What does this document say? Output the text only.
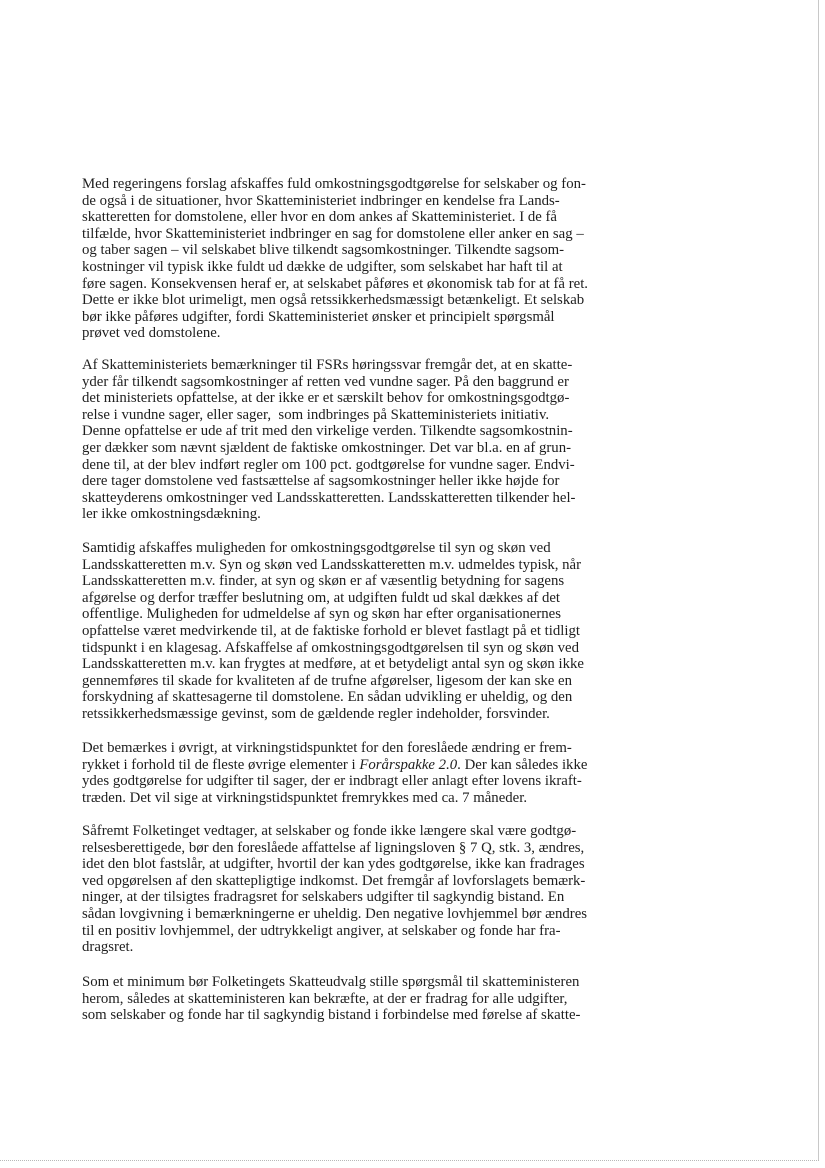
Med regeringens forslag afskaffes fuld omkostningsgodtgørelse for selskaber og fon-
de også i de situationer, hvor Skatteministeriet indbringer en kendelse fra Lands-
skatteretten for domstolene, eller hvor en dom ankes af Skatteministeriet. I de få
tilfælde, hvor Skatteministeriet indbringer en sag for domstolene eller anker en sag –
og taber sagen – vil selskabet blive tilkendt sagsomkostninger. Tilkendte sagsom-
kostninger vil typisk ikke fuldt ud dække de udgifter, som selskabet har haft til at
føre sagen. Konsekvensen heraf er, at selskabet påføres et økonomisk tab for at få ret.
Dette er ikke blot urimeligt, men også retssikkerhedsmæssigt betænkeligt. Et selskab
bør ikke påføres udgifter, fordi Skatteministeriet ønsker et principielt spørgsmål
prøvet ved domstolene.
Af Skatteministeriets bemærkninger til FSRs høringssvar fremgår det, at en skatte-
yder får tilkendt sagsomkostninger af retten ved vundne sager. På den baggrund er
det ministeriets opfattelse, at der ikke er et særskilt behov for omkostningsgodtgø-
relse i vundne sager, eller sager,  som indbringes på Skatteministeriets initiativ.
Denne opfattelse er ude af trit med den virkelige verden. Tilkendte sagsomkostnin-
ger dækker som nævnt sjældent de faktiske omkostninger. Det var bl.a. en af grun-
dene til, at der blev indført regler om 100 pct. godtgørelse for vundne sager. Endvi-
dere tager domstolene ved fastsættelse af sagsomkostninger heller ikke højde for
skatteyderens omkostninger ved Landsskatteretten. Landsskatteretten tilkender hel-
ler ikke omkostningsdækning.
Samtidig afskaffes muligheden for omkostningsgodtgørelse til syn og skøn ved
Landsskatteretten m.v. Syn og skøn ved Landsskatteretten m.v. udmeldes typisk, når
Landsskatteretten m.v. finder, at syn og skøn er af væsentlig betydning for sagens
afgørelse og derfor træffer beslutning om, at udgiften fuldt ud skal dækkes af det
offentlige. Muligheden for udmeldelse af syn og skøn har efter organisationernes
opfattelse været medvirkende til, at de faktiske forhold er blevet fastlagt på et tidligt
tidspunkt i en klagesag. Afskaffelse af omkostningsgodtgørelsen til syn og skøn ved
Landsskatteretten m.v. kan frygtes at medføre, at et betydeligt antal syn og skøn ikke
gennemføres til skade for kvaliteten af de trufne afgørelser, ligesom der kan ske en
forskydning af skattesagerne til domstolene. En sådan udvikling er uheldig, og den
retssikkerhedsmæssige gevinst, som de gældende regler indeholder, forsvinder.
Det bemærkes i øvrigt, at virkningstidspunktet for den foreslåede ændring er frem-
rykket i forhold til de fleste øvrige elementer i Forårspakke 2.0. Der kan således ikke
ydes godtgørelse for udgifter til sager, der er indbragt eller anlagt efter lovens ikraft-
træden. Det vil sige at virkningstidspunktet fremrykkes med ca. 7 måneder.
Såfremt Folketinget vedtager, at selskaber og fonde ikke længere skal være godtgø-
relsesberettigede, bør den foreslåede affattelse af ligningsloven § 7 Q, stk. 3, ændres,
idet den blot fastslår, at udgifter, hvortil der kan ydes godtgørelse, ikke kan fradrages
ved opgørelsen af den skattepligtige indkomst. Det fremgår af lovforslagets bemærk-
ninger, at der tilsigtes fradragsret for selskabers udgifter til sagkyndig bistand. En
sådan lovgivning i bemærkningerne er uheldig. Den negative lovhjemmel bør ændres
til en positiv lovhjemmel, der udtrykkeligt angiver, at selskaber og fonde har fra-
dragsret.
Som et minimum bør Folketingets Skatteudvalg stille spørgsmål til skatteministeren
herom, således at skatteministeren kan bekræfte, at der er fradrag for alle udgifter,
som selskaber og fonde har til sagkyndig bistand i forbindelse med førelse af skatte-
